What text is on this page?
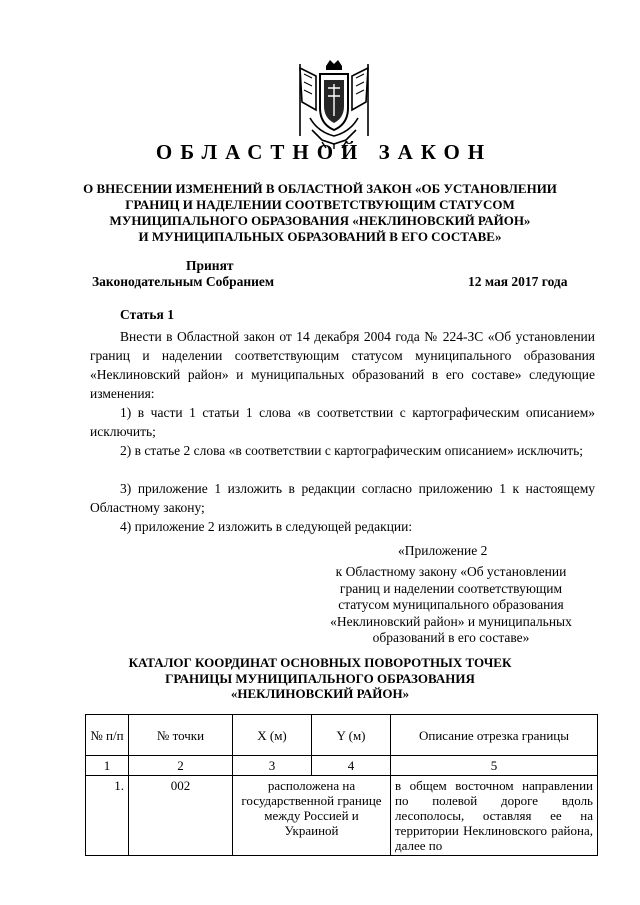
ОБЛАСТНОЙ ЗАКОН
О ВНЕСЕНИИ ИЗМЕНЕНИЙ В ОБЛАСТНОЙ ЗАКОН «ОБ УСТАНОВЛЕНИИ
ГРАНИЦ И НАДЕЛЕНИИ СООТВЕТСТВУЮЩИМ СТАТУСОМ
МУНИЦИПАЛЬНОГО ОБРАЗОВАНИЯ «НЕКЛИНОВСКИЙ РАЙОН»
И МУНИЦИПАЛЬНЫХ ОБРАЗОВАНИЙ В ЕГО СОСТАВЕ»
Принят
Законодательным Собранием	12 мая 2017 года
Статья 1

Внести в Областной закон от 14 декабря 2004 года № 224-ЗС «Об установлении границ и наделении соответствующим статусом муниципального образования «Неклиновский район» и муниципальных образований в его составе» следующие изменения:

1) в части 1 статьи 1 слова «в соответствии с картографическим описанием» исключить;

2) в статье 2 слова «в соответствии с картографическим описанием» исключить;

3) приложение 1 изложить в редакции согласно приложению 1 к настоящему Областному закону;

4) приложение 2 изложить в следующей редакции:

«Приложение 2
к Областному закону «Об установлении
границ и наделении соответствующим
статусом муниципального образования
«Неклиновский район» и муниципальных
образований в его составе»
КАТАЛОГ КООРДИНАТ ОСНОВНЫХ ПОВОРОТНЫХ ТОЧЕК
ГРАНИЦЫ МУНИЦИПАЛЬНОГО ОБРАЗОВАНИЯ
«НЕКЛИНОВСКИЙ РАЙОН»
№ п/п	№ точки	X (м)	Y (м)	Описание отрезка границы
1	2	3	4	5
1.	002	расположена на государственной границе между Россией и Украиной		в общем восточном направлении по полевой дороге вдоль лесополосы, оставляя ее на территории Неклиновского района, далее по
